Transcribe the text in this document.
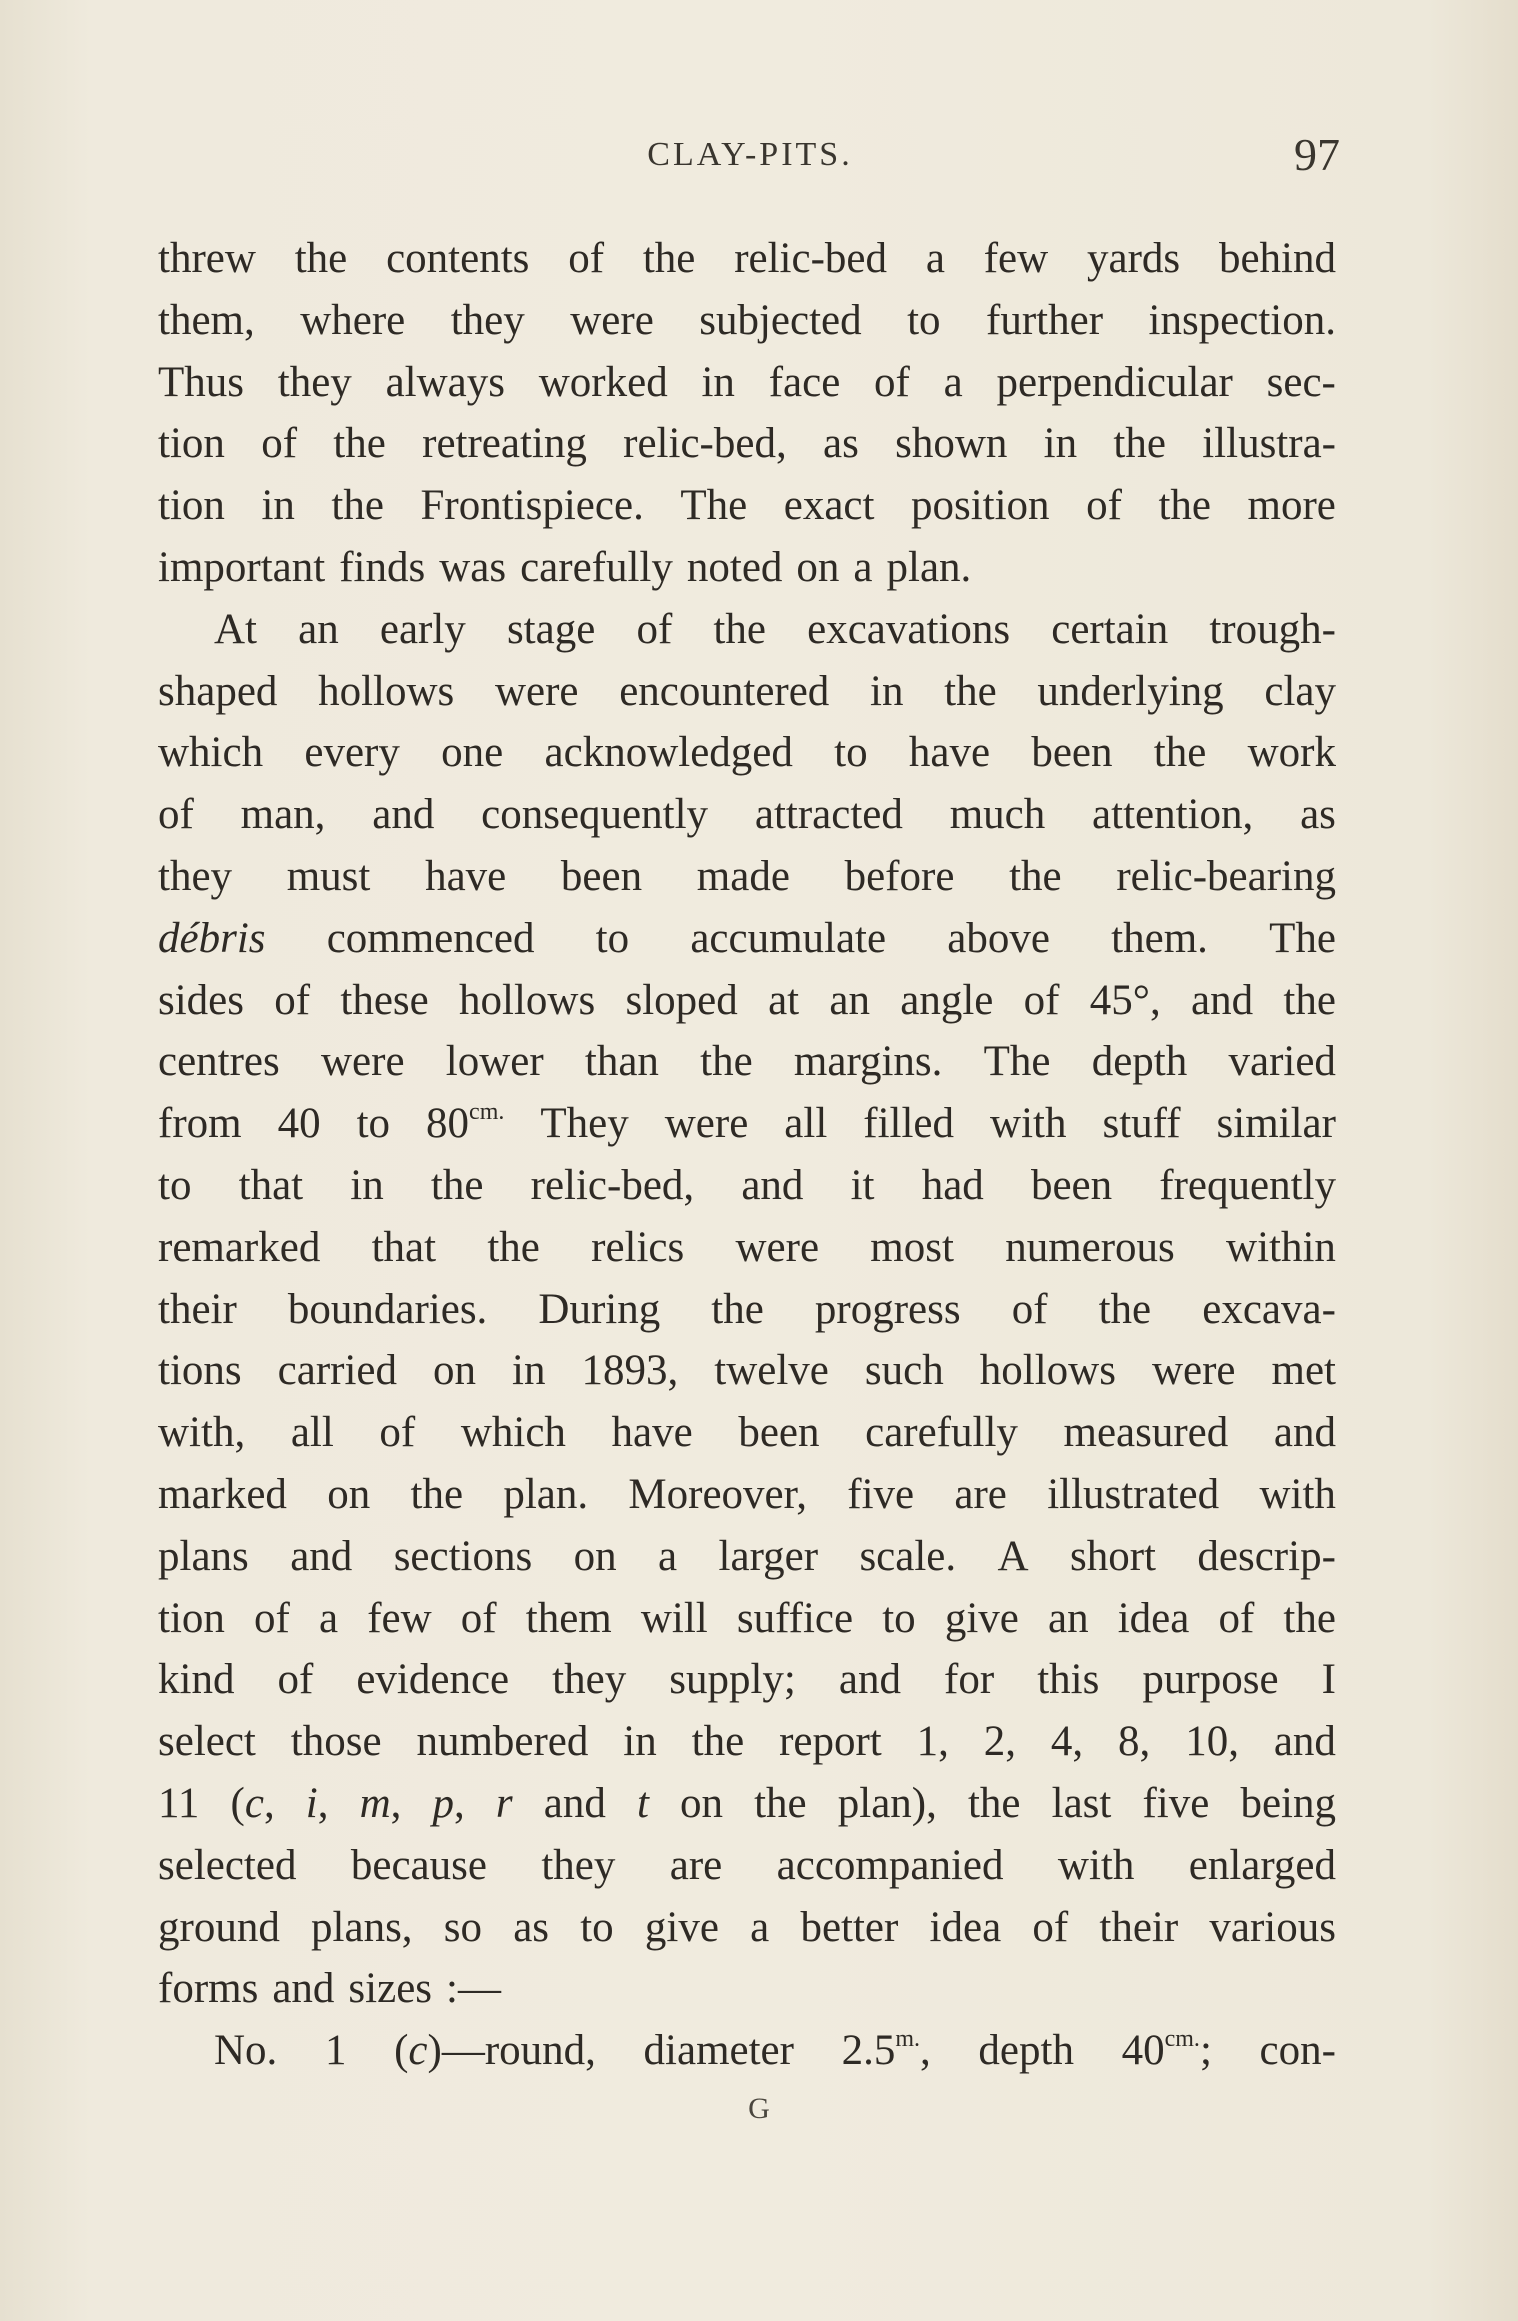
CLAY-PITS.	97
threw the contents of the relic-bed a few yards behind
them, where they were subjected to further inspection.
Thus they always worked in face of a perpendicular sec-
tion of the retreating relic-bed, as shown in the illustra-
tion in the Frontispiece. The exact position of the more
important finds was carefully noted on a plan.
At an early stage of the excavations certain trough-
shaped hollows were encountered in the underlying clay
which every one acknowledged to have been the work
of man, and consequently attracted much attention, as
they must have been made before the relic-bearing
débris commenced to accumulate above them. The
sides of these hollows sloped at an angle of 45°, and the
centres were lower than the margins. The depth varied
from 40 to $80^{cm.}$ They were all filled with stuff similar
to that in the relic-bed, and it had been frequently
remarked that the relics were most numerous within
their boundaries. During the progress of the excava-
tions carried on in 1893, twelve such hollows were met
with, all of which have been carefully measured and
marked on the plan. Moreover, five are illustrated with
plans and sections on a larger scale. A short descrip-
tion of a few of them will suffice to give an idea of the
kind of evidence they supply; and for this purpose I
select those numbered in the report 1, 2, 4, 8, 10, and
11 (c, i, m, p, r and t on the plan), the last five being
selected because they are accompanied with enlarged
ground plans, so as to give a better idea of their various
forms and sizes :—
No. 1 (c)—round, diameter $2.5^{m.}$, depth $40^{cm.}$; con-
G
